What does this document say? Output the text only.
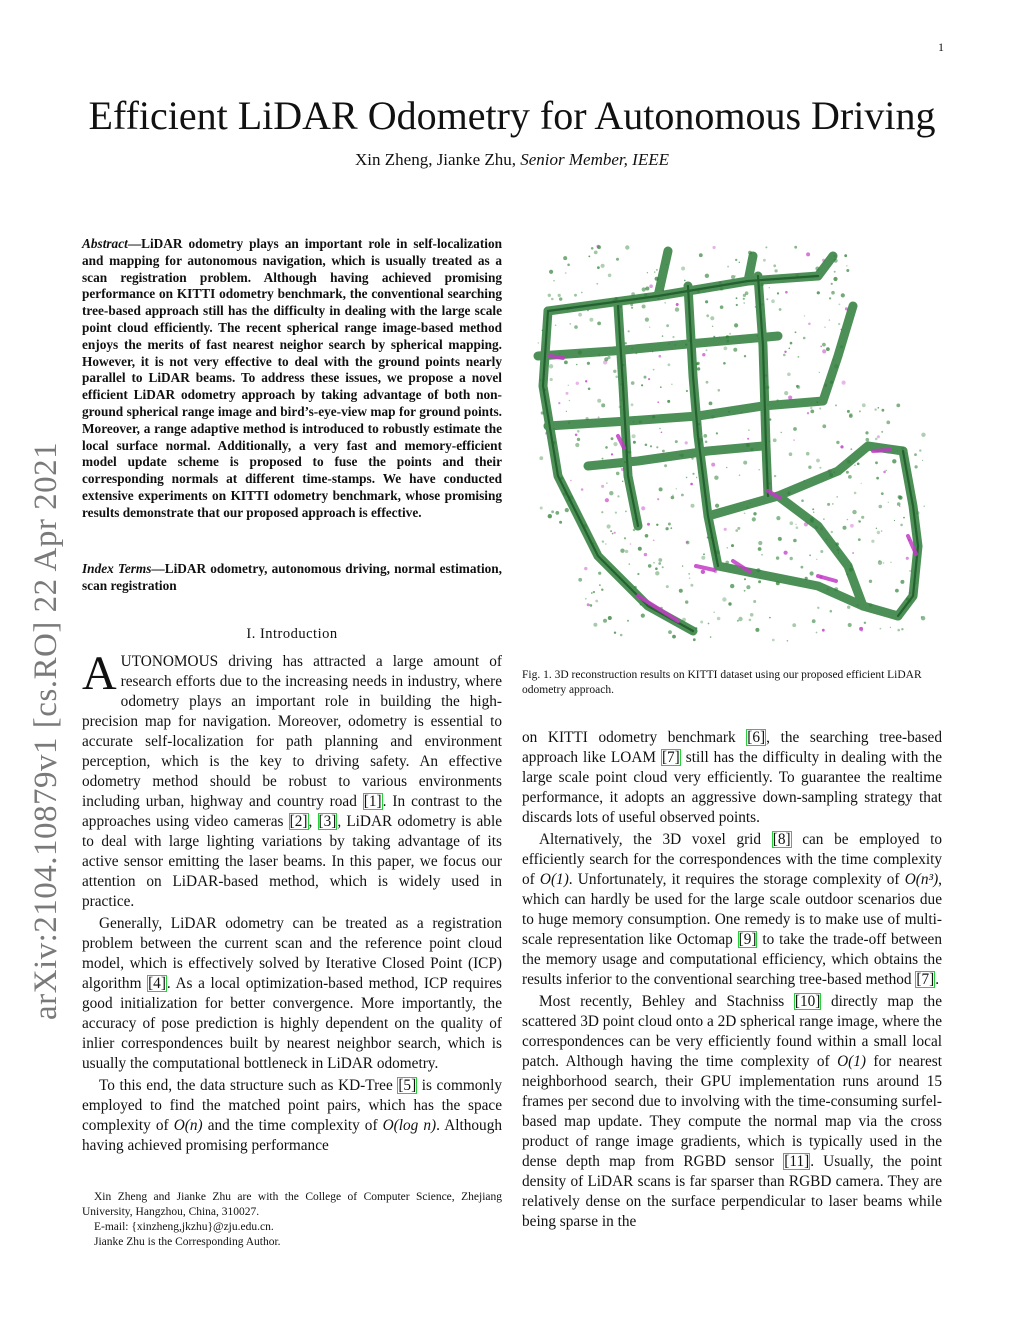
1
Efficient LiDAR Odometry for Autonomous Driving
Xin Zheng, Jianke Zhu, Senior Member, IEEE
arXiv:2104.10879v1 [cs.RO] 22 Apr 2021
Abstract—LiDAR odometry plays an important role in self-localization and mapping for autonomous navigation, which is usually treated as a scan registration problem. Although having achieved promising performance on KITTI odometry benchmark, the conventional searching tree-based approach still has the difficulty in dealing with the large scale point cloud efficiently. The recent spherical range image-based method enjoys the merits of fast nearest neighor search by spherical mapping. However, it is not very effective to deal with the ground points nearly parallel to LiDAR beams. To address these issues, we propose a novel efficient LiDAR odometry approach by taking advantage of both non-ground spherical range image and bird’s-eye-view map for ground points. Moreover, a range adaptive method is introduced to robustly estimate the local surface normal. Additionally, a very fast and memory-efficient model update scheme is proposed to fuse the points and their corresponding normals at different time-stamps. We have conducted extensive experiments on KITTI odometry benchmark, whose promising results demonstrate that our proposed approach is effective.
Index Terms—LiDAR odometry, autonomous driving, normal estimation, scan registration
I. Introduction

AUTONOMOUS driving has attracted a large amount of research efforts due to the increasing needs in industry, where odometry plays an important role in building the high-precision map for navigation. Moreover, odometry is essential to accurate self-localization for path planning and environment perception, which is the key to driving safety. An effective odometry method should be robust to various environments including urban, highway and country road [1]. In contrast to the approaches using video cameras [2], [3], LiDAR odometry is able to deal with large lighting variations by taking advantage of its active sensor emitting the laser beams. In this paper, we focus our attention on LiDAR-based method, which is widely used in practice.

Generally, LiDAR odometry can be treated as a registration problem between the current scan and the reference point cloud model, which is effectively solved by Iterative Closed Point (ICP) algorithm [4]. As a local optimization-based method, ICP requires good initialization for better convergence. More importantly, the accuracy of pose prediction is highly dependent on the quality of inlier correspondences built by nearest neighbor search, which is usually the computational bottleneck in LiDAR odometry.

To this end, the data structure such as KD-Tree [5] is commonly employed to find the matched point pairs, which has the space complexity of O(n) and the time complexity of O(log n). Although having achieved promising performance

Xin Zheng and Jianke Zhu are with the College of Computer Science, Zhejiang University, Hangzhou, China, 310027.

E-mail: {xinzheng,jkzhu}@zju.edu.cn.

Jianke Zhu is the Corresponding Author.

Fig. 1. 3D reconstruction results on KITTI dataset using our proposed efficient LiDAR odometry approach.

on KITTI odometry benchmark [6], the searching tree-based approach like LOAM [7] still has the difficulty in dealing with the large scale point cloud very efficiently. To guarantee the realtime performance, it adopts an aggressive down-sampling strategy that discards lots of useful observed points.

Alternatively, the 3D voxel grid [8] can be employed to efficiently search for the correspondences with the time complexity of O(1). Unfortunately, it requires the storage complexity of O(n³), which can hardly be used for the large scale outdoor scenarios due to huge memory consumption. One remedy is to make use of multi-scale representation like Octomap [9] to take the trade-off between the memory usage and computational efficiency, which obtains the results inferior to the conventional searching tree-based method [7].

Most recently, Behley and Stachniss [10] directly map the scattered 3D point cloud onto a 2D spherical range image, where the correspondences can be very efficiently found within a small local patch. Although having the time complexity of O(1) for nearest neighborhood search, their GPU implementation runs around 15 frames per second due to involving with the time-consuming surfel-based map update. They compute the normal map via the cross product of range image gradients, which is typically used in the dense depth map from RGBD sensor [11]. Usually, the point density of LiDAR scans is far sparser than RGBD camera. They are relatively dense on the surface perpendicular to laser beams while being sparse in the
